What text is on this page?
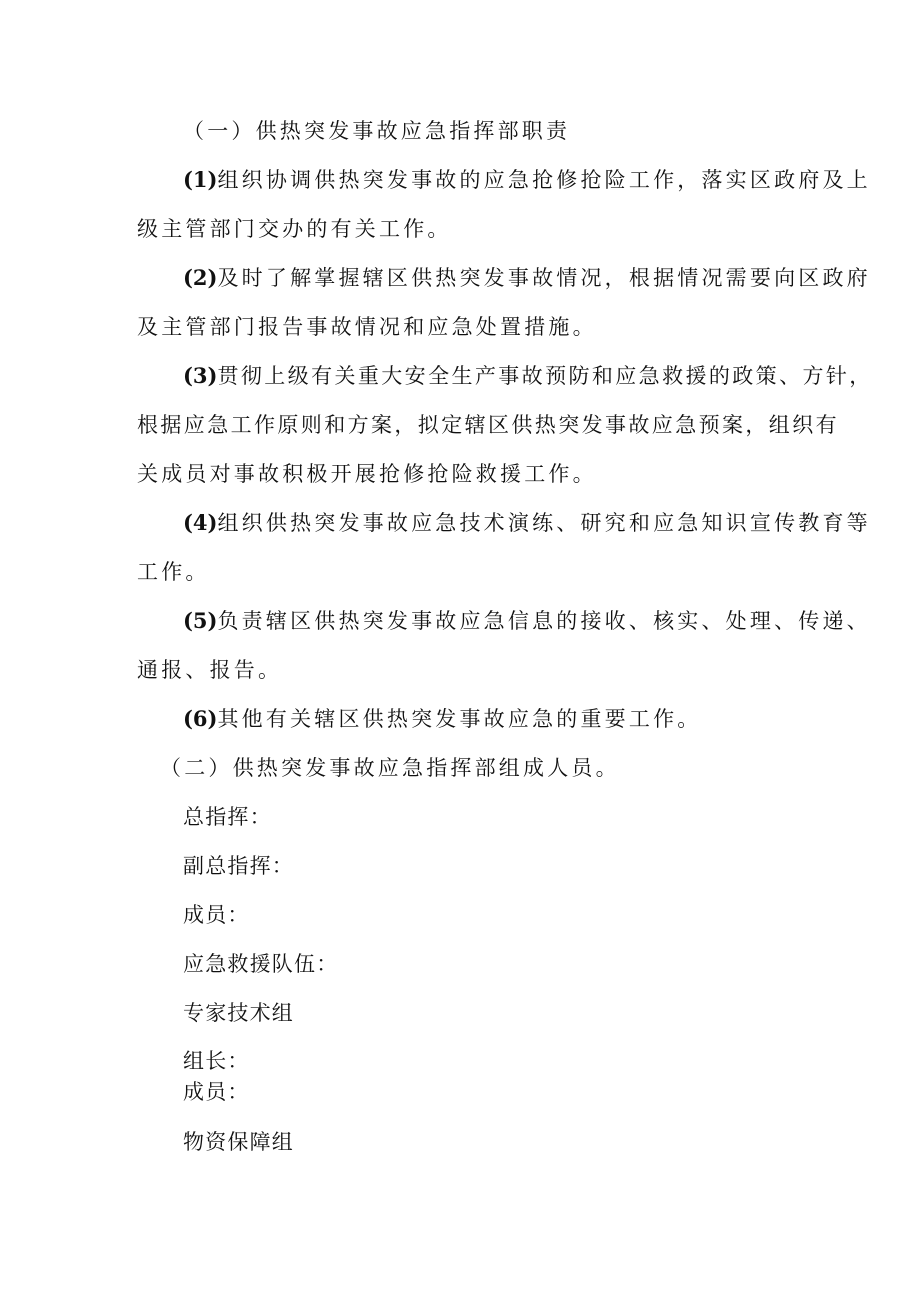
（一）供热突发事故应急指挥部职责

(1)组织协调供热突发事故的应急抢修抢险工作，落实区政府及上

级主管部门交办的有关工作。

(2)及时了解掌握辖区供热突发事故情况，根据情况需要向区政府

及主管部门报告事故情况和应急处置措施。

(3)贯彻上级有关重大安全生产事故预防和应急救援的政策、方针，

根据应急工作原则和方案，拟定辖区供热突发事故应急预案，组织有

关成员对事故积极开展抢修抢险救援工作。

(4)组织供热突发事故应急技术演练、研究和应急知识宣传教育等

工作。

(5)负责辖区供热突发事故应急信息的接收、核实、处理、传递、

通报、报告。

(6)其他有关辖区供热突发事故应急的重要工作。

（二）供热突发事故应急指挥部组成人员。

总指挥：

副总指挥：

成员：

应急救援队伍：

专家技术组

组长：

成员：

物资保障组
